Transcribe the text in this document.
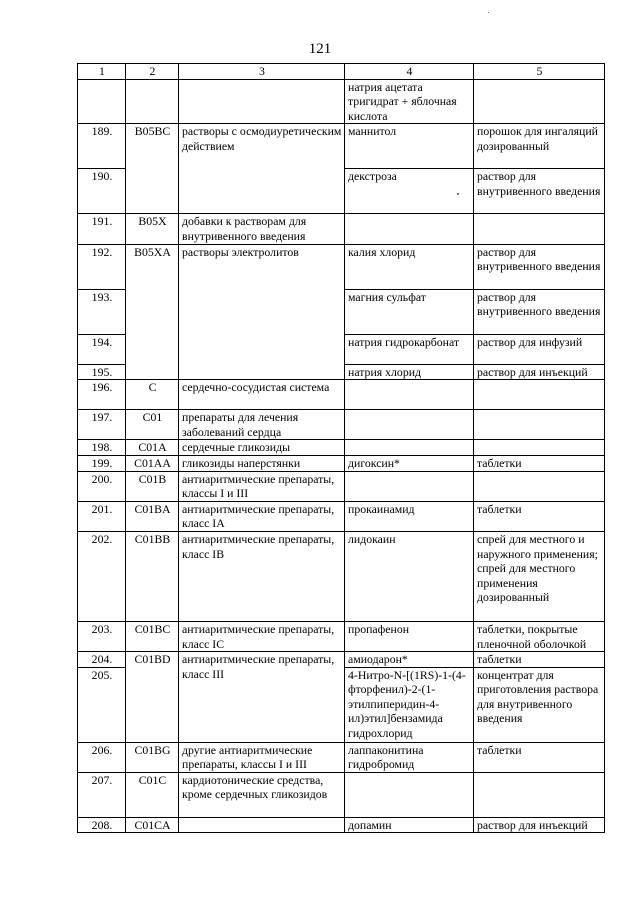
121
1	2	3	4	5
			натрия ацетата тригидрат + яблочная кислота	
189.	B05BC	растворы с осмодиуретическим действием	маннитол	порошок для ингаляций дозированный
190.			декстроза	раствор для внутривенного введения
191.	B05X	добавки к растворам для внутривенного введения		
192.	B05XA	растворы электролитов	калия хлорид	раствор для внутривенного введения
193.			магния сульфат	раствор для внутривенного введения
194.			натрия гидрокарбонат	раствор для инфузий
195.			натрия хлорид	раствор для инъекций
196.	C	сердечно-сосудистая система		
197.	C01	препараты для лечения заболеваний сердца		
198.	C01A	сердечные гликозиды		
199.	C01AA	гликозиды наперстянки	дигоксин*	таблетки
200.	C01B	антиаритмические препараты, классы I и III		
201.	C01BA	антиаритмические препараты, класс IA	прокаинамид	таблетки
202.	C01BB	антиаритмические препараты, класс IB	лидокаин	спрей для местного и наружного применения; спрей для местного применения дозированный
203.	C01BC	антиаритмические препараты, класс IC	пропафенон	таблетки, покрытые пленочной оболочкой
204.	C01BD	антиаритмические препараты, класс III	амиодарон*	таблетки
205.			4-Нитро-N-[(1RS)-1-(4-фторфенил)-2-(1-этилпиперидин-4-ил)этил]бензамида гидрохлорид	концентрат для приготовления раствора для внутривенного введения
206.	C01BG	другие антиаритмические препараты, классы I и III	лаппаконитина гидробромид	таблетки
207.	C01C	кардиотонические средства, кроме сердечных гликозидов		
208.	C01CA		допамин	раствор для инъекций
